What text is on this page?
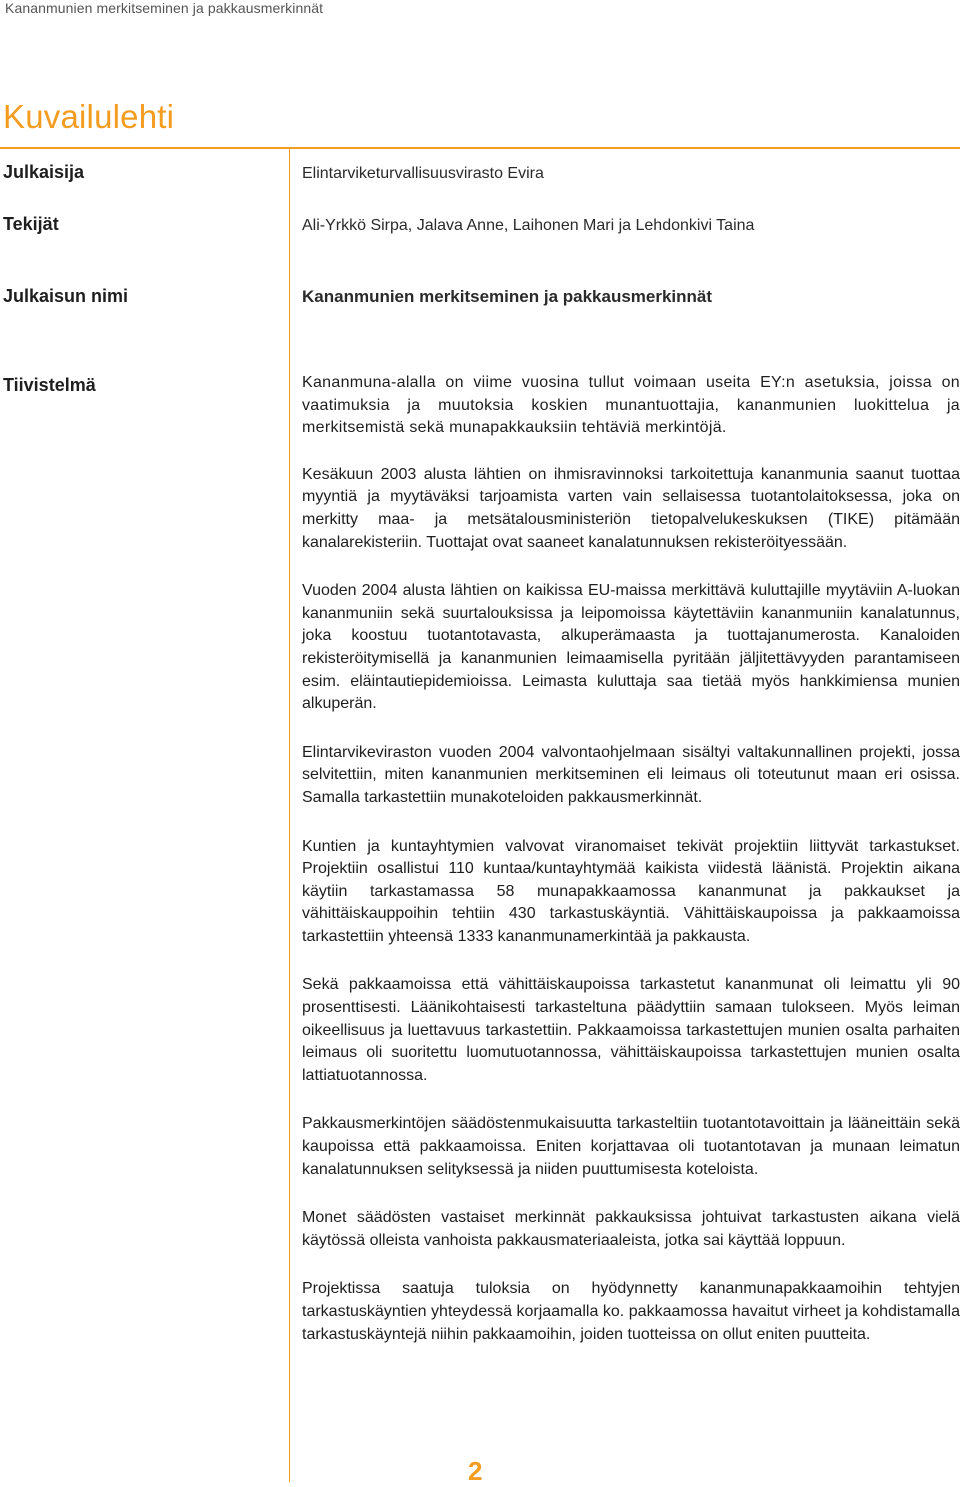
Kananmunien merkitseminen ja pakkausmerkinnät
Kuvailulehti
Julkaisija	Elintarviketurvallisuusvirasto Evira
Tekijät	Ali-Yrkkö Sirpa, Jalava Anne, Laihonen Mari ja Lehdonkivi Taina
Julkaisun nimi	Kananmunien merkitseminen ja pakkausmerkinnät
Tiivistelmä	Kananmuna-alalla on viime vuosina tullut voimaan useita EY:n asetuksia, joissa on vaatimuksia ja muutoksia koskien munantuottajia, kananmunien luokittelua ja merkitsemistä sekä munapakkauksiin tehtäviä merkintöjä.

Kesäkuun 2003 alusta lähtien on ihmisravinnoksi tarkoitettuja kananmunia saanut tuottaa myyntiä ja myytäväksi tarjoamista varten vain sellaisessa tuotantolaitoksessa, joka on merkitty maa- ja metsätalousministeriön tietopalvelukeskuksen (TIKE) pitämään kanalarekisteriin. Tuottajat ovat saaneet kanalatunnuksen rekisteröityessään.

Vuoden 2004 alusta lähtien on kaikissa EU-maissa merkittävä kuluttajille myytäviin A-luokan kananmuniin sekä suurtalouksissa ja leipomoissa käytettäviin kananmuniin kanalatunnus, joka koostuu tuotantotavasta, alkuperämaasta ja tuottajanumerosta. Kanaloiden rekisteröitymisellä ja kananmunien leimaamisella pyritään jäljitettävyyden parantamiseen esim. eläintautiepidemioissa. Leimasta kuluttaja saa tietää myös hankkimiensa munien alkuperän.

Elintarvikeviraston vuoden 2004 valvontaohjelmaan sisältyi valtakunnallinen projekti, jossa selvitettiin, miten kananmunien merkitseminen eli leimaus oli toteutunut maan eri osissa. Samalla tarkastettiin munakoteloiden pakkausmerkinnät.

Kuntien ja kuntayhtymien valvovat viranomaiset tekivät projektiin liittyvät tarkastukset. Projektiin osallistui 110 kuntaa/kuntayhtymää kaikista viidestä läänistä. Projektin aikana käytiin tarkastamassa 58 munapakkaamossa kananmunat ja pakkaukset ja vähittäiskauppoihin tehtiin 430 tarkastuskäyntiä. Vähittäiskaupoissa ja pakkaamoissa tarkastettiin yhteensä 1333 kananmunamerkintää ja pakkausta.

Sekä pakkaamoissa että vähittäiskaupoissa tarkastetut kananmunat oli leimattu yli 90 prosenttisesti. Läänikohtaisesti tarkasteltuna päädyttiin samaan tulokseen. Myös leiman oikeellisuus ja luettavuus tarkastettiin. Pakkaamoissa tarkastettujen munien osalta parhaiten leimaus oli suoritettu luomutuotannossa, vähittäiskaupoissa tarkastettujen munien osalta lattiatuotannossa.

Pakkausmerkintöjen säädöstenmukaisuutta tarkasteltiin tuotantotavoittain ja lääneittäin sekä kaupoissa että pakkaamoissa. Eniten korjattavaa oli tuotantotavan ja munaan leimatun kanalatunnuksen selityksessä ja niiden puuttumisesta koteloista.

Monet säädösten vastaiset merkinnät pakkauksissa johtuivat tarkastusten aikana vielä käytössä olleista vanhoista pakkausmateriaaleista, jotka sai käyttää loppuun.

Projektissa saatuja tuloksia on hyödynnetty kananmunapakkaamoihin tehtyjen tarkastuskäyntien yhteydessä korjaamalla ko. pakkaamossa havaitut virheet ja kohdistamalla tarkastuskäyntejä niihin pakkaamoihin, joiden tuotteissa on ollut eniten puutteita.

2
